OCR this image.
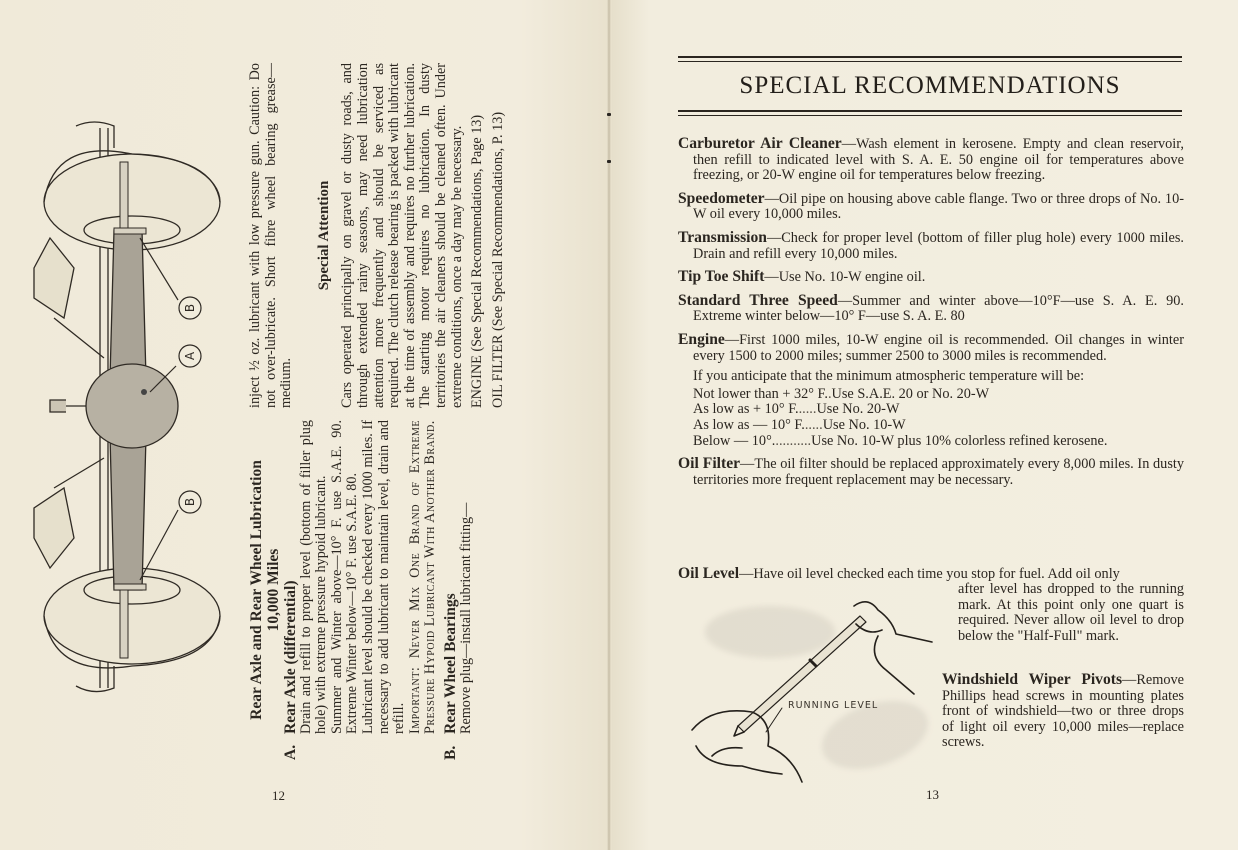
B
A
B	Rear Axle and Rear Wheel Lubrication 10,000 Miles
A.
Rear Axle (differential)
Drain and refill to proper level (bottom of filler plug hole) with extreme pressure hypoid lubricant. Summer and Winter above—10° F. use S.A.E. 90. Extreme Winter below—10° F. use S.A.E. 80. Lubricant level should be checked every 1000 miles. If necessary to add lubricant to maintain level, drain and refill. Important: Never Mix One Brand of Extreme Pressure Hypoid Lubricant With Another Brand.
B.
Rear Wheel Bearings
Remove plug—install lubricant fitting—
inject ½ oz. lubricant with low pressure gun. Caution: Do not over-lubricate. Short fibre wheel bearing grease—medium.
Special Attention Cars operated principally on gravel or dusty roads, and through extended rainy seasons, may need lubrication attention more frequently and should be serviced as required. The clutch release bearing is packed with lubricant at the time of assembly and requires no further lubrication. The starting motor requires no lubrication. In dusty territories the air cleaners should be cleaned often. Under extreme conditions, once a day may be necessary. ENGINE (See Special Recommendations, Page 13) OIL FILTER (See Special Recommendations, P. 13)
12
SPECIAL RECOMMENDATIONS
Carburetor Air Cleaner—Wash element in kerosene. Empty and clean reservoir, then refill to indicated level with S. A. E. 50 engine oil for temperatures above freezing, or 20-W engine oil for temperatures below freezing.
Speedometer—Oil pipe on housing above cable flange. Two or three drops of No. 10-W oil every 10,000 miles.
Transmission—Check for proper level (bottom of filler plug hole) every 1000 miles. Drain and refill every 10,000 miles.
Tip Toe Shift—Use No. 10-W engine oil.
Standard Three Speed—Summer and winter above—10°F—use S. A. E. 90. Extreme winter below—10° F—use S. A. E. 80
Engine—First 1000 miles, 10-W engine oil is recommended. Oil changes in winter every 1500 to 2000 miles; summer 2500 to 3000 miles is recommended.
If you anticipate that the minimum atmospheric temperature will be:
Not lower than + 32° F. . Use S.A.E. 20 or No. 20-W
As low as + 10° F. ..... Use No. 20-W
As low as — 10° F. ..... Use No. 10-W
Below — 10°. .......... Use No. 10-W plus 10% colorless refined kerosene.
Oil Filter—The oil filter should be replaced approximately every 8,000 miles. In dusty territories more frequent replacement may be necessary.
Oil Level—Have oil level checked each time you stop for fuel. Add oil only
after level has dropped to the running mark. At this point only one quart is required. Never allow oil level to drop below the "Half-Full" mark.
RUNNING LEVEL
Windshield Wiper Pivots—Remove Phillips head screws in mounting plates front of windshield—two or three drops of light oil every 10,000 miles—replace screws.
13
